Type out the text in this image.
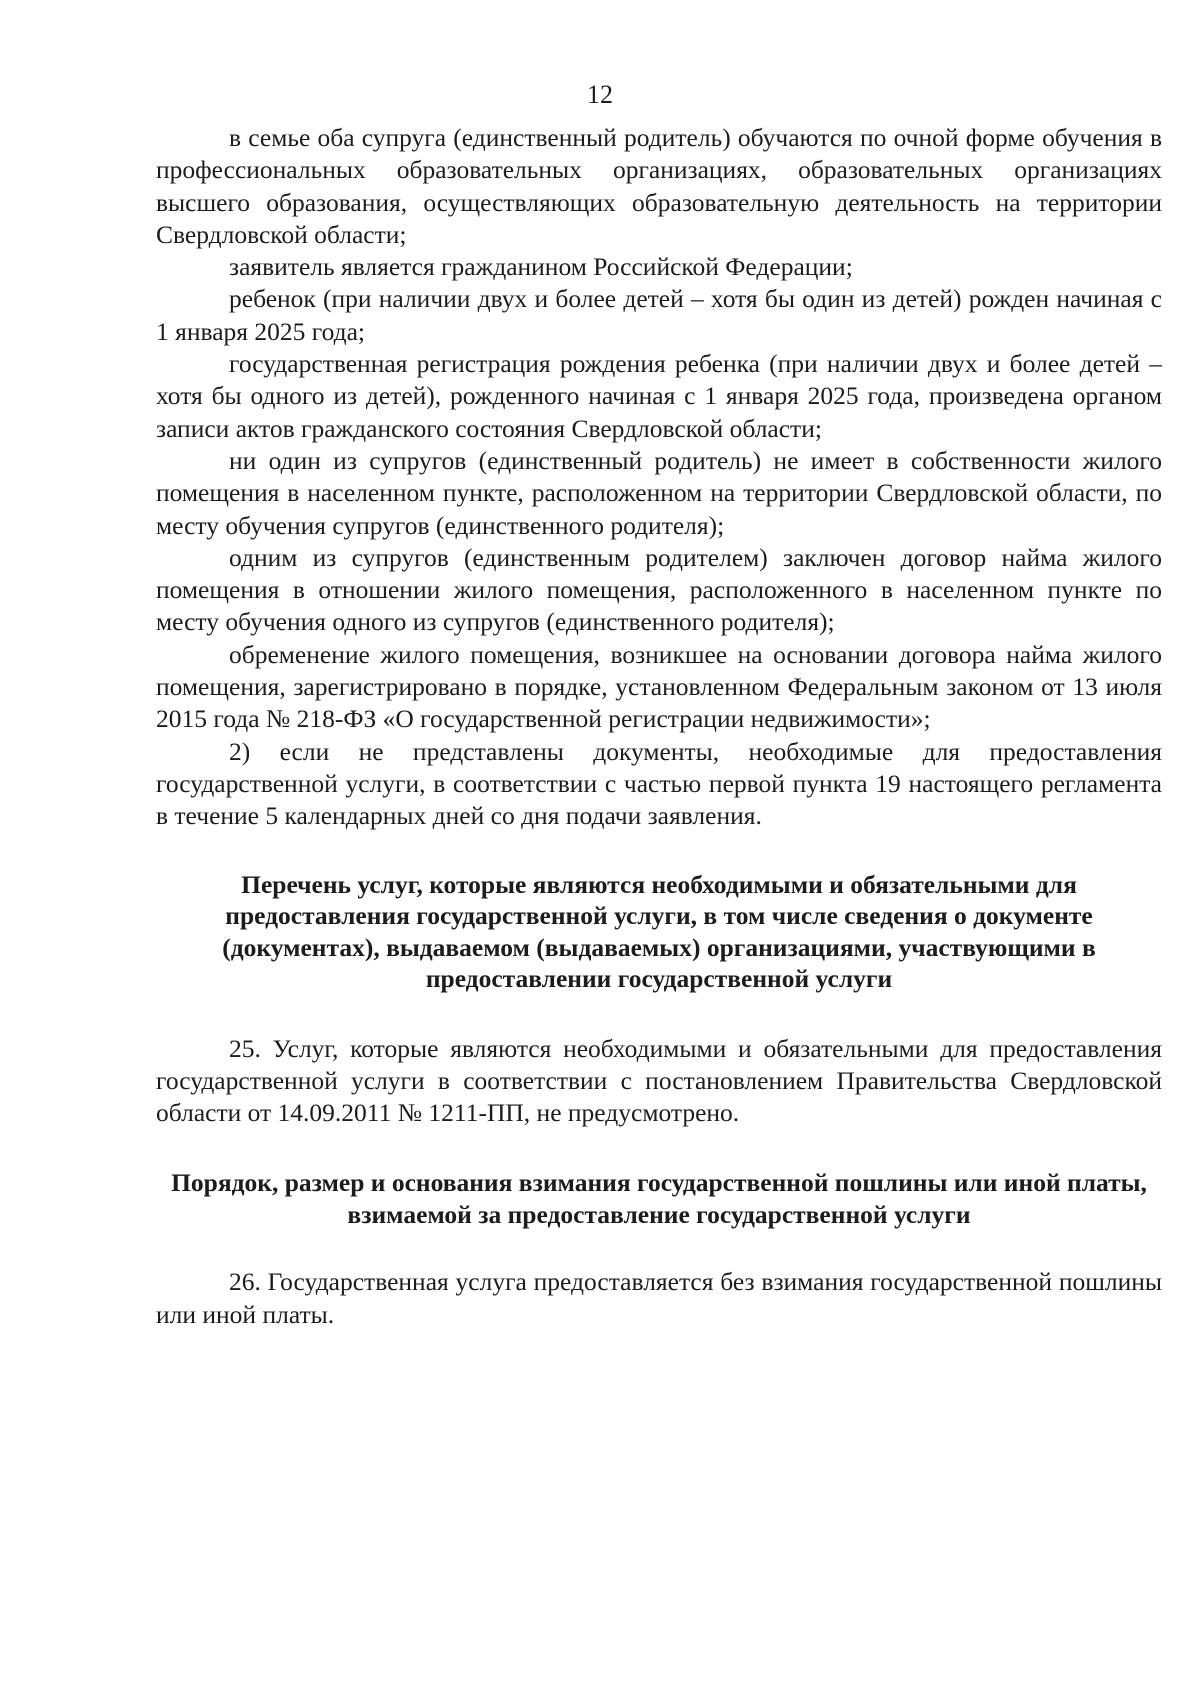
12

в семье оба супруга (единственный родитель) обучаются по очной форме обучения в профессиональных образовательных организациях, образовательных организациях высшего образования, осуществляющих образовательную деятельность на территории Свердловской области;

заявитель является гражданином Российской Федерации;

ребенок (при наличии двух и более детей – хотя бы один из детей) рожден начиная с 1 января 2025 года;

государственная регистрация рождения ребенка (при наличии двух и более детей – хотя бы одного из детей), рожденного начиная с 1 января 2025 года, произведена органом записи актов гражданского состояния Свердловской области;

ни один из супругов (единственный родитель) не имеет в собственности жилого помещения в населенном пункте, расположенном на территории Свердловской области, по месту обучения супругов (единственного родителя);

одним из супругов (единственным родителем) заключен договор найма жилого помещения в отношении жилого помещения, расположенного в населенном пункте по месту обучения одного из супругов (единственного родителя);

обременение жилого помещения, возникшее на основании договора найма жилого помещения, зарегистрировано в порядке, установленном Федеральным законом от 13 июля 2015 года № 218-ФЗ «О государственной регистрации недвижимости»;

2) если не представлены документы, необходимые для предоставления государственной услуги, в соответствии с частью первой пункта 19 настоящего регламента в течение 5 календарных дней со дня подачи заявления.

Перечень услуг, которые являются необходимыми и обязательными для предоставления государственной услуги, в том числе сведения о документе (документах), выдаваемом (выдаваемых) организациями, участвующими в предоставлении государственной услуги

25. Услуг, которые являются необходимыми и обязательными для предоставления государственной услуги в соответствии с постановлением Правительства Свердловской области от 14.09.2011 № 1211-ПП, не предусмотрено.

Порядок, размер и основания взимания государственной пошлины или иной платы, взимаемой за предоставление государственной услуги

26. Государственная услуга предоставляется без взимания государственной пошлины или иной платы.
